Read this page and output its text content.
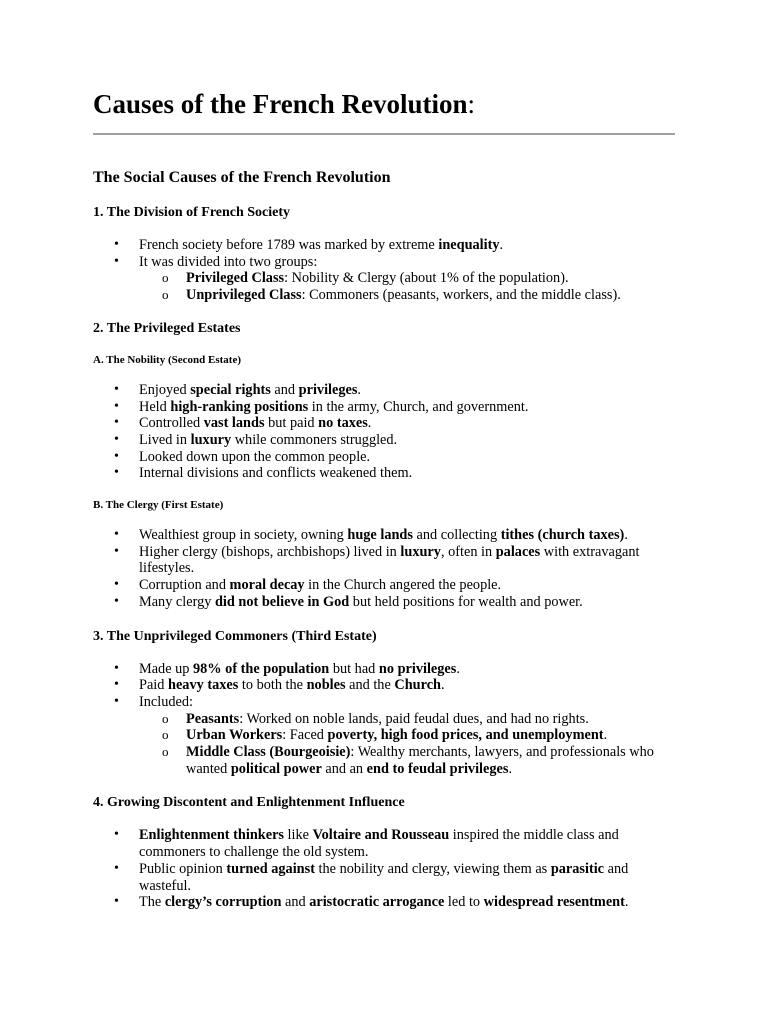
Causes of the French Revolution:
The Social Causes of the French Revolution
1. The Division of French Society
• French society before 1789 was marked by extreme inequality.
• It was divided into two groups:
o Privileged Class: Nobility & Clergy (about 1% of the population).
o Unprivileged Class: Commoners (peasants, workers, and the middle class).
2. The Privileged Estates
A. The Nobility (Second Estate)
• Enjoyed special rights and privileges.
• Held high-ranking positions in the army, Church, and government.
• Controlled vast lands but paid no taxes.
• Lived in luxury while commoners struggled.
• Looked down upon the common people.
• Internal divisions and conflicts weakened them.
B. The Clergy (First Estate)
• Wealthiest group in society, owning huge lands and collecting tithes (church taxes).
• Higher clergy (bishops, archbishops) lived in luxury, often in palaces with extravagant lifestyles.
• Corruption and moral decay in the Church angered the people.
• Many clergy did not believe in God but held positions for wealth and power.
3. The Unprivileged Commoners (Third Estate)
• Made up 98% of the population but had no privileges.
• Paid heavy taxes to both the nobles and the Church.
• Included:
o Peasants: Worked on noble lands, paid feudal dues, and had no rights.
o Urban Workers: Faced poverty, high food prices, and unemployment.
o Middle Class (Bourgeoisie): Wealthy merchants, lawyers, and professionals who wanted political power and an end to feudal privileges.
4. Growing Discontent and Enlightenment Influence
• Enlightenment thinkers like Voltaire and Rousseau inspired the middle class and commoners to challenge the old system.
• Public opinion turned against the nobility and clergy, viewing them as parasitic and wasteful.
• The clergy’s corruption and aristocratic arrogance led to widespread resentment.
